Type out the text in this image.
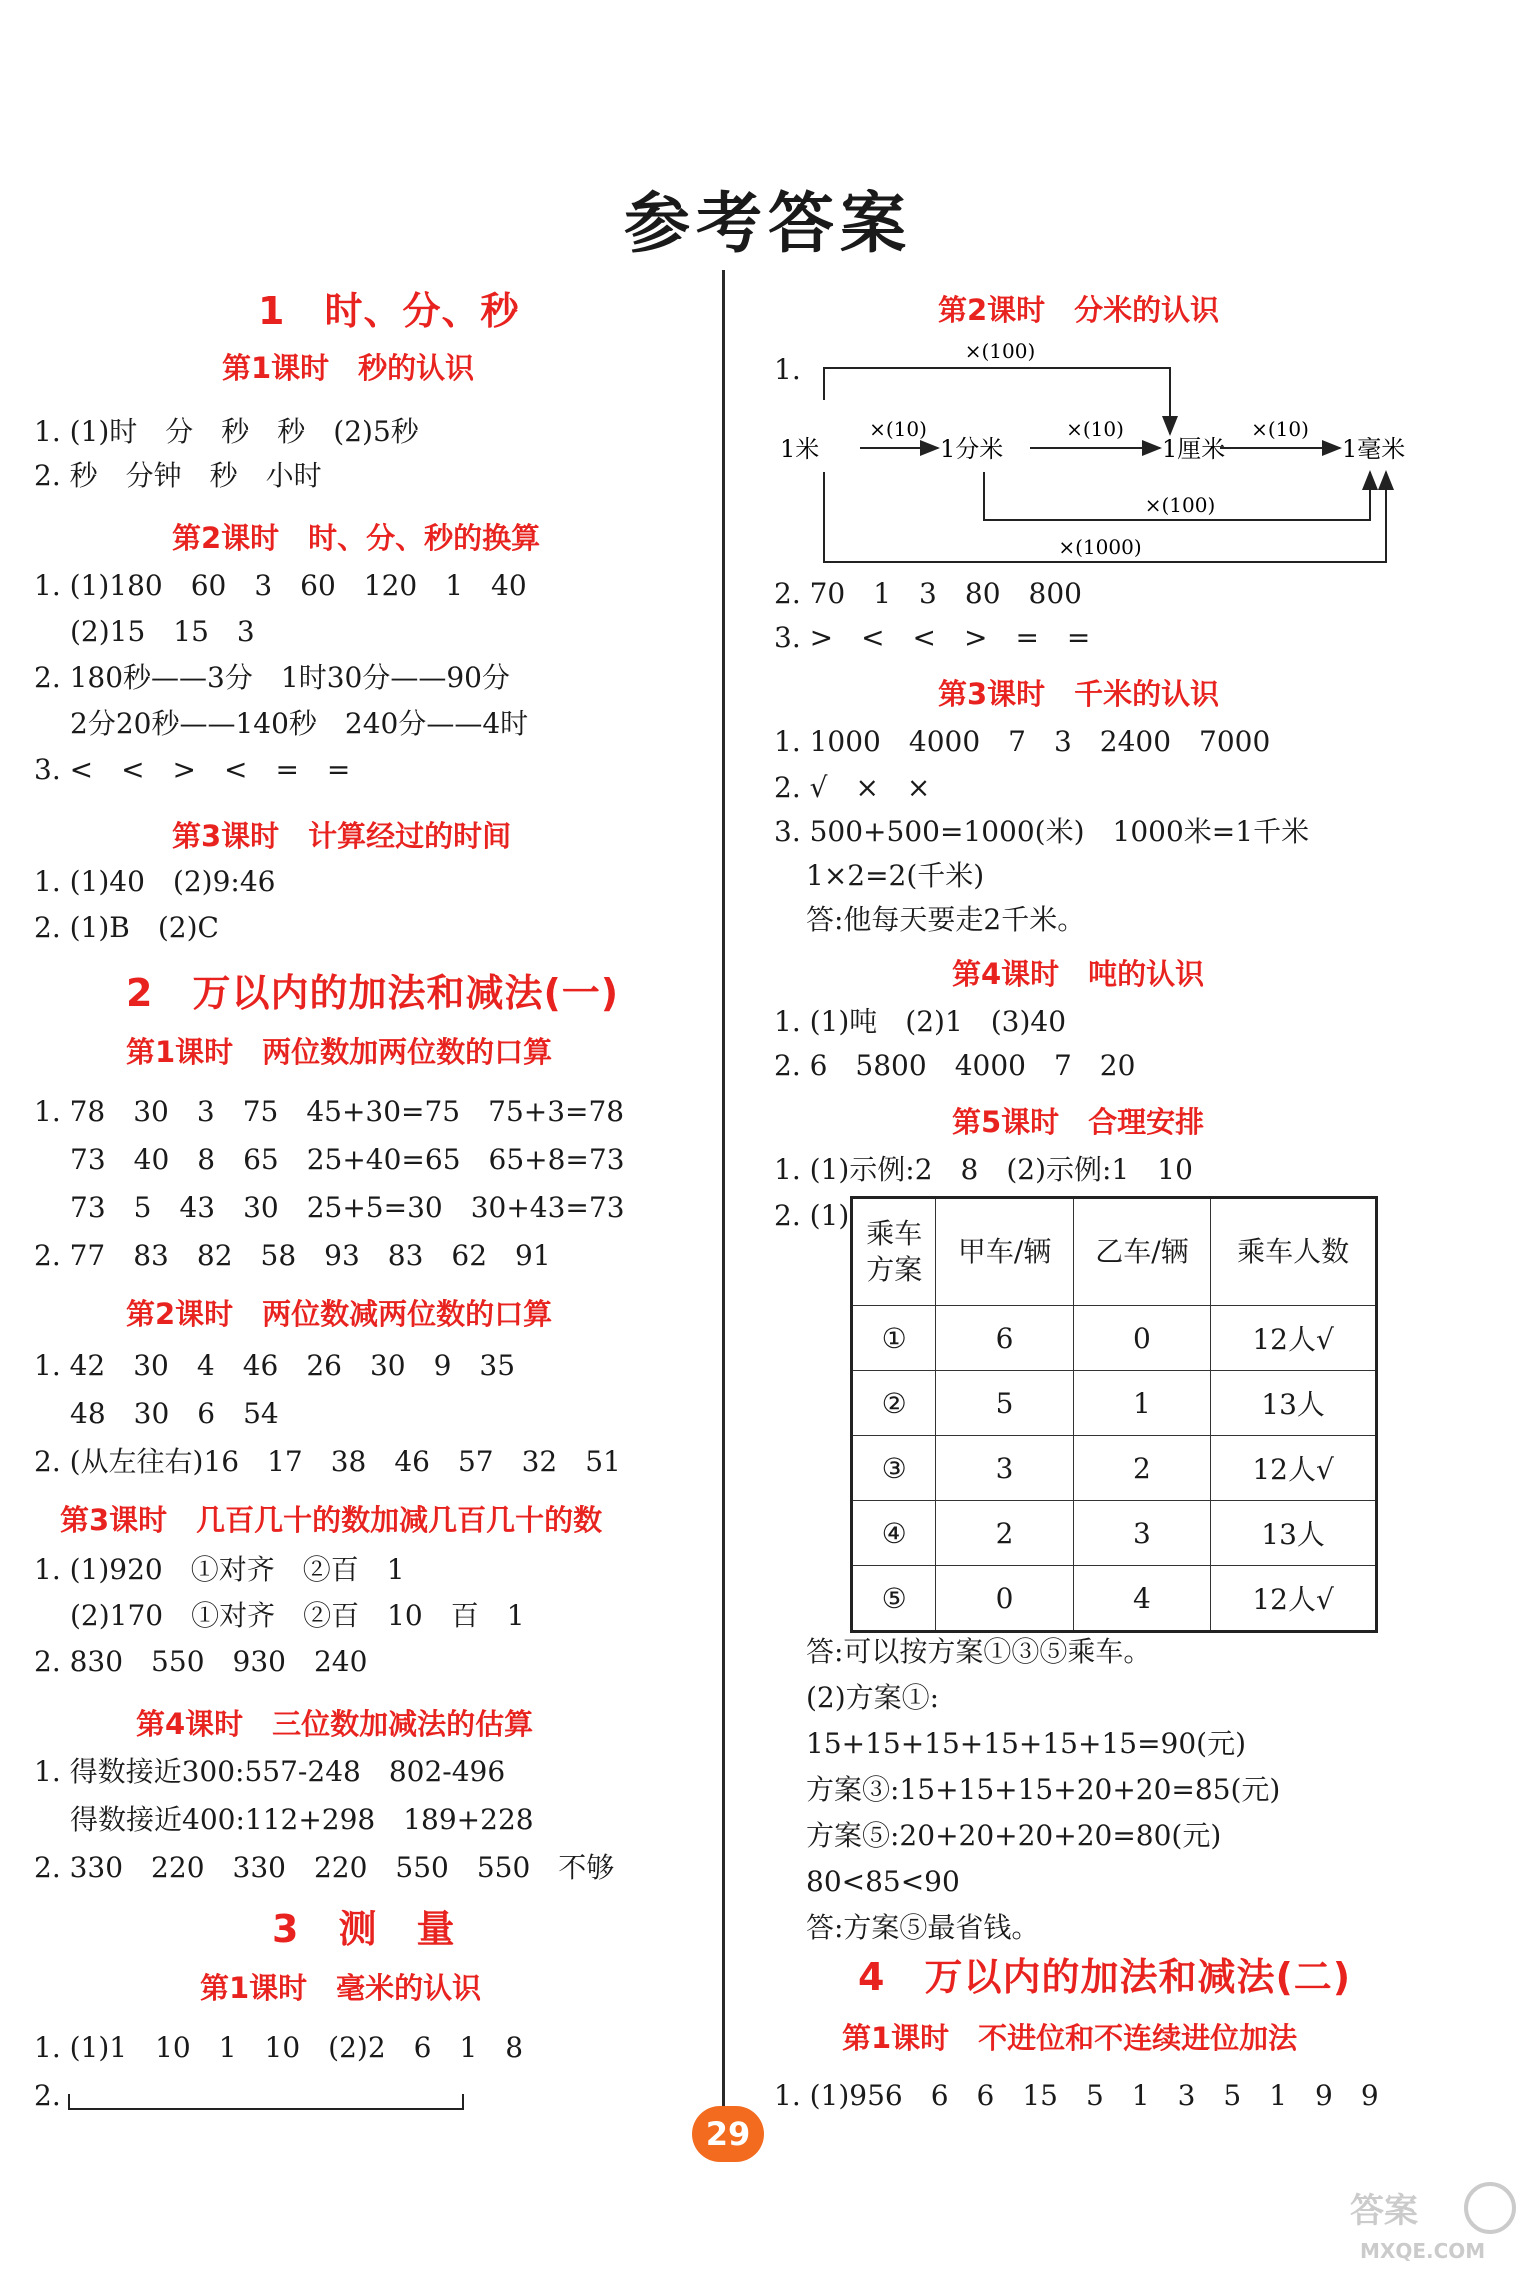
参考答案
1　时、分、秒
第1课时　秒的认识
1. (1)时　分　秒　秒　(2)5秒
2. 秒　分钟　秒　小时
第2课时　时、分、秒的换算
1. (1)180　60　3　60　120　1　40
(2)15　15　3
2. 180秒——3分　1时30分——90分
2分20秒——140秒　240分——4时
3. <　<　>　<　=　=
第3课时　计算经过的时间
1. (1)40　(2)9:46
2. (1)B　(2)C
2　万以内的加法和减法(一)
第1课时　两位数加两位数的口算
1. 78　30　3　75　45+30=75　75+3=78
73　40　8　65　25+40=65　65+8=73
73　5　43　30　25+5=30　30+43=73
2. 77　83　82　58　93　83　62　91
第2课时　两位数减两位数的口算
1. 42　30　4　46　26　30　9　35
48　30　6　54
2. (从左往右)16　17　38　46　57　32　51
第3课时　几百几十的数加减几百几十的数
1. (1)920　①对齐　②百　1
(2)170　①对齐　②百　10　百　1
2. 830　550　930　240
第4课时　三位数加减法的估算
1. 得数接近300:557-248　802-496
得数接近400:112+298　189+228
2. 330　220　330　220　550　550　不够
3　测　量
第1课时　毫米的认识
1. (1)1　10　1　10　(2)2　6　1　8
2.
第2课时　分米的认识
1.
×(100)
×(10)	×(10)	×(10)
1米	1分米	1厘米	1毫米
×(100)
×(1000)
2. 70　1　3　80　800
3. >　<　<　>　=　=
第3课时　千米的认识
1. 1000　4000　7　3　2400　7000
2. √　×　×
3. 500+500=1000(米)　1000米=1千米
1×2=2(千米)
答:他每天要走2千米。
第4课时　吨的认识
1. (1)吨　(2)1　(3)40
2. 6　5800　4000　7　20
第5课时　合理安排
1. (1)示例:2　8　(2)示例:1　10
2. (1)
乘车
方案	甲车/辆	乙车/辆	乘车人数
①	6	0	12人√
②	5	1	13人
③	3	2	12人√
④	2	3	13人
⑤	0	4	12人√
答:可以按方案①③⑤乘车。
(2)方案①:
15+15+15+15+15+15=90(元)
方案③:15+15+15+20+20=85(元)
方案⑤:20+20+20+20=80(元)
80<85<90
答:方案⑤最省钱。
4　万以内的加法和减法(二)
第1课时　不进位和不连续进位加法
1. (1)956　6　6　15　5　1　3　5　1　9　9
29
答案
MXQE.COM
